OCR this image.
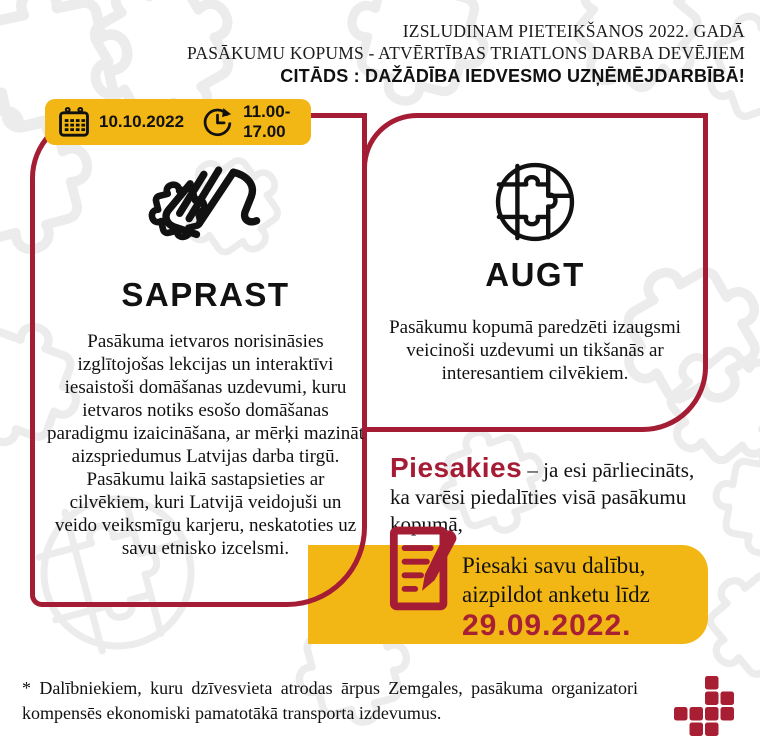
IZSLUDINAM PIETEIKŠANOS 2022. GADĀ
PASĀKUMU KOPUMS - ATVĒRTĪBAS TRIATLONS DARBA DEVĒJIEM
CITĀDS : DAŽĀDĪBA IEDVESMO UZŅĒMĒJDARBĪBĀ!
10.10.2022
11.00-17.00
SAPRAST
Pasākuma ietvaros norisināsies izglītojošas lekcijas un interaktīvi iesaistoši domāšanas uzdevumi, kuru ietvaros notiks esošo domāšanas paradigmu izaicināšana, ar mērķi mazināt aizspriedumus Latvijas darba tirgū. Pasākumu laikā sastapsieties ar cilvēkiem, kuri Latvijā veidojuši un veido veiksmīgu karjeru, neskatoties uz savu etnisko izcelsmi.
AUGT
Pasākumu kopumā paredzēti izaugsmi veicinoši uzdevumi un tikšanās ar interesantiem cilvēkiem.
Piesakies – ja esi pārliecināts,
ka varēsi piedalīties visā pasākumu kopumā,
Piesaki savu dalību,
aizpildot anketu līdz
29.09.2022.
* Dalībniekiem, kuru dzīvesvieta atrodas ārpus Zemgales, pasākuma organizatori
kompensēs ekonomiski pamatotākā transporta izdevumus.
